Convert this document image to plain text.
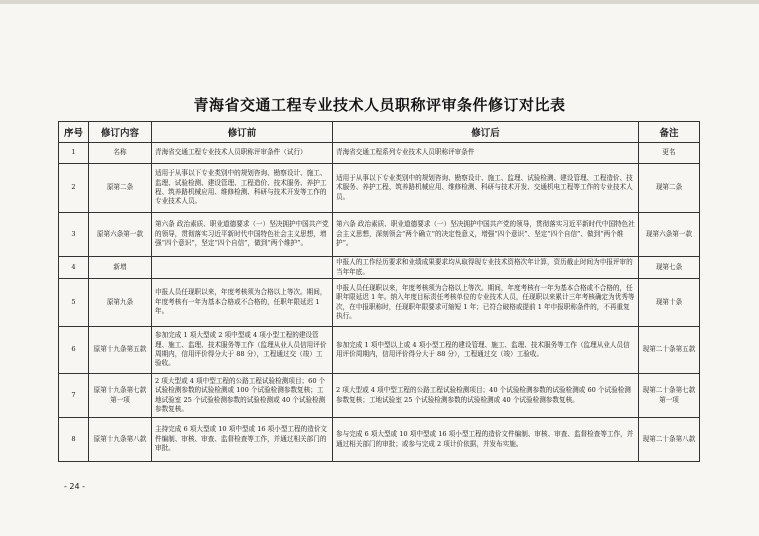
青海省交通工程专业技术人员职称评审条件修订对比表
序号	修订内容	修订前	修订后	备注
1	名称	青海省交通工程专业技术人员职称评审条件（试行）	青海省交通工程系列专业技术人员职称评审条件	更名
2	原第二条	适用于从事以下专业类别中的规划咨询、勘察设计、施工、监理、试验检测、建设管理、工程造价、技术服务、养护工程、筑养路机械应用、维修检测、科研与技术开发等工作的专业技术人员。	适用于从事以下专业类别中的规划咨询、勘察设计、施工、监理、试验检测、建设管理、工程造价、技术服务、养护工程、筑养路机械应用、维修检测、科研与技术开发、交通机电工程等工作的专业技术人员。	现第二条
3	原第六条第一款	第六条 政治素质、职业道德要求（一）坚决拥护中国共产党的领导，贯彻落实习近平新时代中国特色社会主义思想，增强“四个意识”，坚定“四个自信”，做到“两个维护”。	第六条 政治素质、职业道德要求（一）坚决拥护中国共产党的领导，贯彻落实习近平新时代中国特色社会主义思想，深刻领会“两个确立”的决定性意义，增强“四个意识”、坚定“四个自信”、做到“两个维护”。	现第六条第一款
4	新增		申报人的工作经历要求和业绩成果要求均从取得现专业技术资格次年计算，资历截止时间为申报评审的当年年底。	现第七条
5	原第九条	申报人员任现职以来，年度考核须为合格以上等次。期间，年度考核有一年为基本合格或不合格的，任职年限延迟 1 年。	申报人员任现职以来，年度考核须为合格以上等次。期间，年度考核有一年为基本合格或不合格的，任职年限延迟 1 年。纳入年度目标责任考核单位的专业技术人员，任现职以来累计三年考核确定为优秀等次，在申报职称时，任现职年限要求可缩短 1 年；已符合破格或提前 1 年申报职称条件的，不再重复执行。	现第十条
6	原第十九条第五款	参加完成 1 项大型或 2 项中型或 4 项小型工程的建设管理、施工、监理、技术服务等工作（监理从业人员信用评价周期内，信用评价得分大于 88 分），工程通过交（竣）工验收。	参加完成 1 项中型以上或 4 项小型工程的建设管理、施工、监理、技术服务等工作（监理从业人员信用评价周期内，信用评价得分大于 88 分），工程通过交（竣）工验收。	现第二十条第五款
7	原第十九条第七款第一项	2 项大型或 4 项中型工程的公路工程试验检测项目；60 个试验检测参数的试验检测或 100 个试验检测参数复核；工地试验室 25 个试验检测参数的试验检测或 40 个试验检测参数复核。	2 项大型或 4 项中型工程的公路工程试验检测项目；40 个试验检测参数的试验检测或 60 个试验检测参数复核；工地试验室 25 个试验检测参数的试验检测或 40 个试验检测参数复核。	现第二十条第七款第一项
8	原第十九条第八款	主持完成 6 项大型或 10 项中型或 16 项小型工程的造价文件编制、审核、审查、监督检查等工作，并通过相关部门的审批。	参与完成 6 项大型或 10 项中型或 16 项小型工程的造价文件编制、审核、审查、监督检查等工作，并通过相关部门的审批；或参与完成 2 项计价依据，并发布实施。	现第二十条第八款
- 24 -
